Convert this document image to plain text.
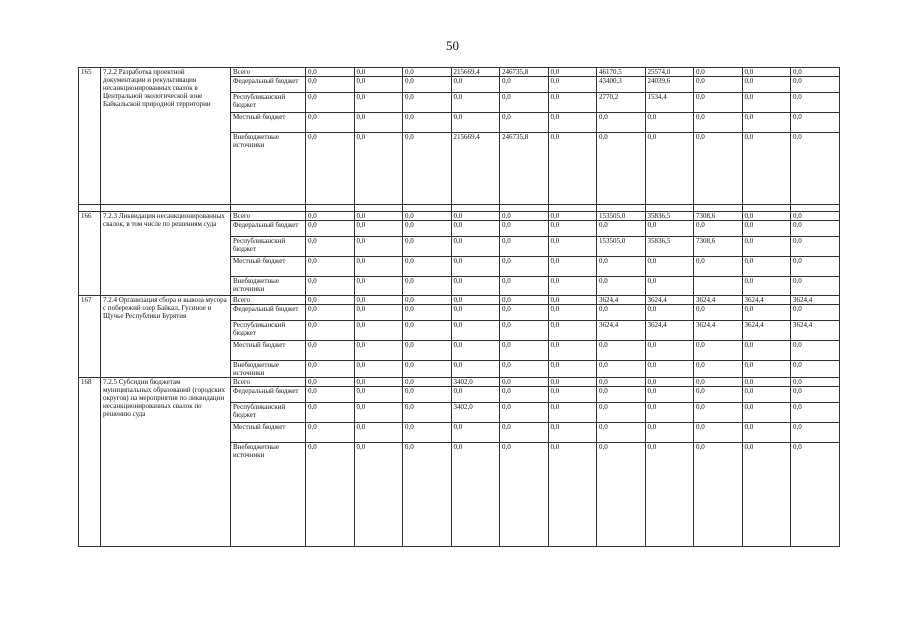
50
165	7.2.2 Разработка проектной документации и рекультивация несанкционированных свалок в Центральной экологической зоне Байкальской природной территории	Всего	0,0	0,0	0,0	215669,4	246735,8	0,0	46170,5	25574,0	0,0	0,0	0,0
		Федеральный бюджет	0,0	0,0	0,0	0,0	0,0	0,0	43400,3	24039,6	0,0	0,0	0,0
		Республиканский бюджет	0,0	0,0	0,0	0,0	0,0	0,0	2770,2	1534,4	0,0	0,0	0,0
		Местный бюджет	0,0	0,0	0,0	0,0	0,0	0,0	0,0	0,0	0,0	0,0	0,0
		Внебюджетные источники	0,0	0,0	0,0	215669,4	246735,8	0,0	0,0	0,0	0,0	0,0	0,0

166	7.2.3 Ликвидация несанкционированных свалок, в том числе по решениям суда	Всего	0,0	0,0	0,0	0,0	0,0	0,0	153505,0	35836,5	7308,6	0,0	0,0
		Федеральный бюджет	0,0	0,0	0,0	0,0	0,0	0,0	0,0	0,0	0,0	0,0	0,0
		Республиканский бюджет	0,0	0,0	0,0	0,0	0,0	0,0	153505,0	35836,5	7308,6	0,0	0,0
		Местный бюджет	0,0	0,0	0,0	0,0	0,0	0,0	0,0	0,0	0,0	0,0	0,0
		Внебюджетные источники	0,0	0,0	0,0	0,0	0,0	0,0	0,0	0,0		0,0	0,0
167	7.2.4 Организация сбора и вывоза мусора с побережий озер Байкал, Гусиное и Щучье Республики Бурятия	Всего	0,0	0,0	0,0	0,0	0,0	0,0	3624,4	3624,4	3624,4	3624,4	3624,4
		Федеральный бюджет	0,0	0,0	0,0	0,0	0,0	0,0	0,0	0,0	0,0	0,0	0,0
		Республиканский бюджет	0,0	0,0	0,0	0,0	0,0	0,0	3624,4	3624,4	3624,4	3624,4	3624,4
		Местный бюджет	0,0	0,0	0,0	0,0	0,0	0,0	0,0	0,0	0,0	0,0	0,0
		Внебюджетные источники	0,0	0,0	0,0	0,0	0,0	0,0	0,0	0,0	0,0	0,0	0,0
168	7.2.5 Субсидии бюджетам муниципальных образований (городских округов) на мероприятия по ликвидации несанкционированных свалок по решению суда	Всего	0,0	0,0	0,0	3402,0	0,0	0,0	0,0	0,0	0,0	0,0	0,0
		Федеральный бюджет	0,0	0,0	0,0	0,0	0,0	0,0	0,0	0,0	0,0	0,0	0,0
		Республиканский бюджет	0,0	0,0	0,0	3402,0	0,0	0,0	0,0	0,0	0,0	0,0	0,0
		Местный бюджет	0,0	0,0	0,0	0,0	0,0	0,0	0,0	0,0	0,0	0,0	0,0
		Внебюджетные источники	0,0	0,0	0,0	0,0	0,0	0,0	0,0	0,0	0,0	0,0	0,0
